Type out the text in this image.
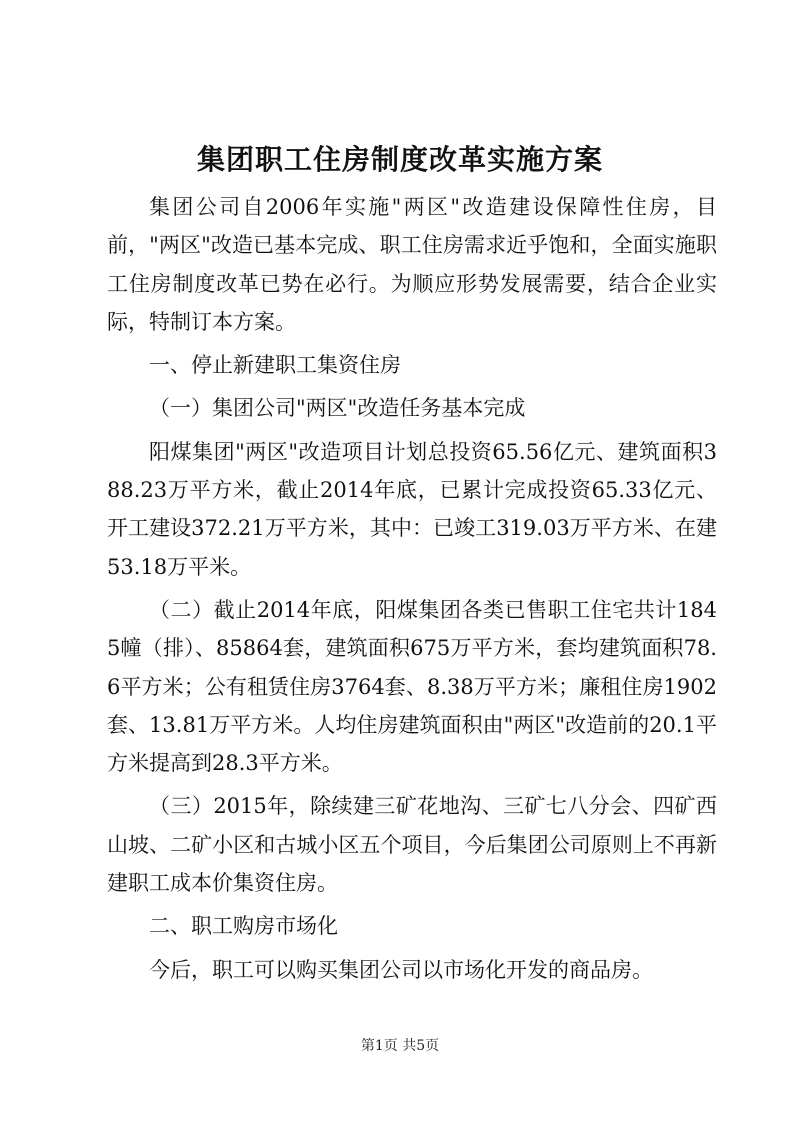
集团职工住房制度改革实施方案

集团公司自2006年实施"两区"改造建设保障性住房，目前，"两区"改造已基本完成、职工住房需求近乎饱和，全面实施职工住房制度改革已势在必行。为顺应形势发展需要，结合企业实际，特制订本方案。

一、停止新建职工集资住房

（一）集团公司"两区"改造任务基本完成

阳煤集团"两区"改造项目计划总投资65.56亿元、建筑面积388.23万平方米，截止2014年底，已累计完成投资65.33亿元、开工建设372.21万平方米，其中：已竣工319.03万平方米、在建53.18万平米。

（二）截止2014年底，阳煤集团各类已售职工住宅共计1845幢（排）、85864套，建筑面积675万平方米，套均建筑面积78.6平方米；公有租赁住房3764套、8.38万平方米；廉租住房1902套、13.81万平方米。人均住房建筑面积由"两区"改造前的20.1平方米提高到28.3平方米。

（三）2015年，除续建三矿花地沟、三矿七八分会、四矿西山坡、二矿小区和古城小区五个项目，今后集团公司原则上不再新建职工成本价集资住房。

二、职工购房市场化

今后，职工可以购买集团公司以市场化开发的商品房。

第1页 共5页
